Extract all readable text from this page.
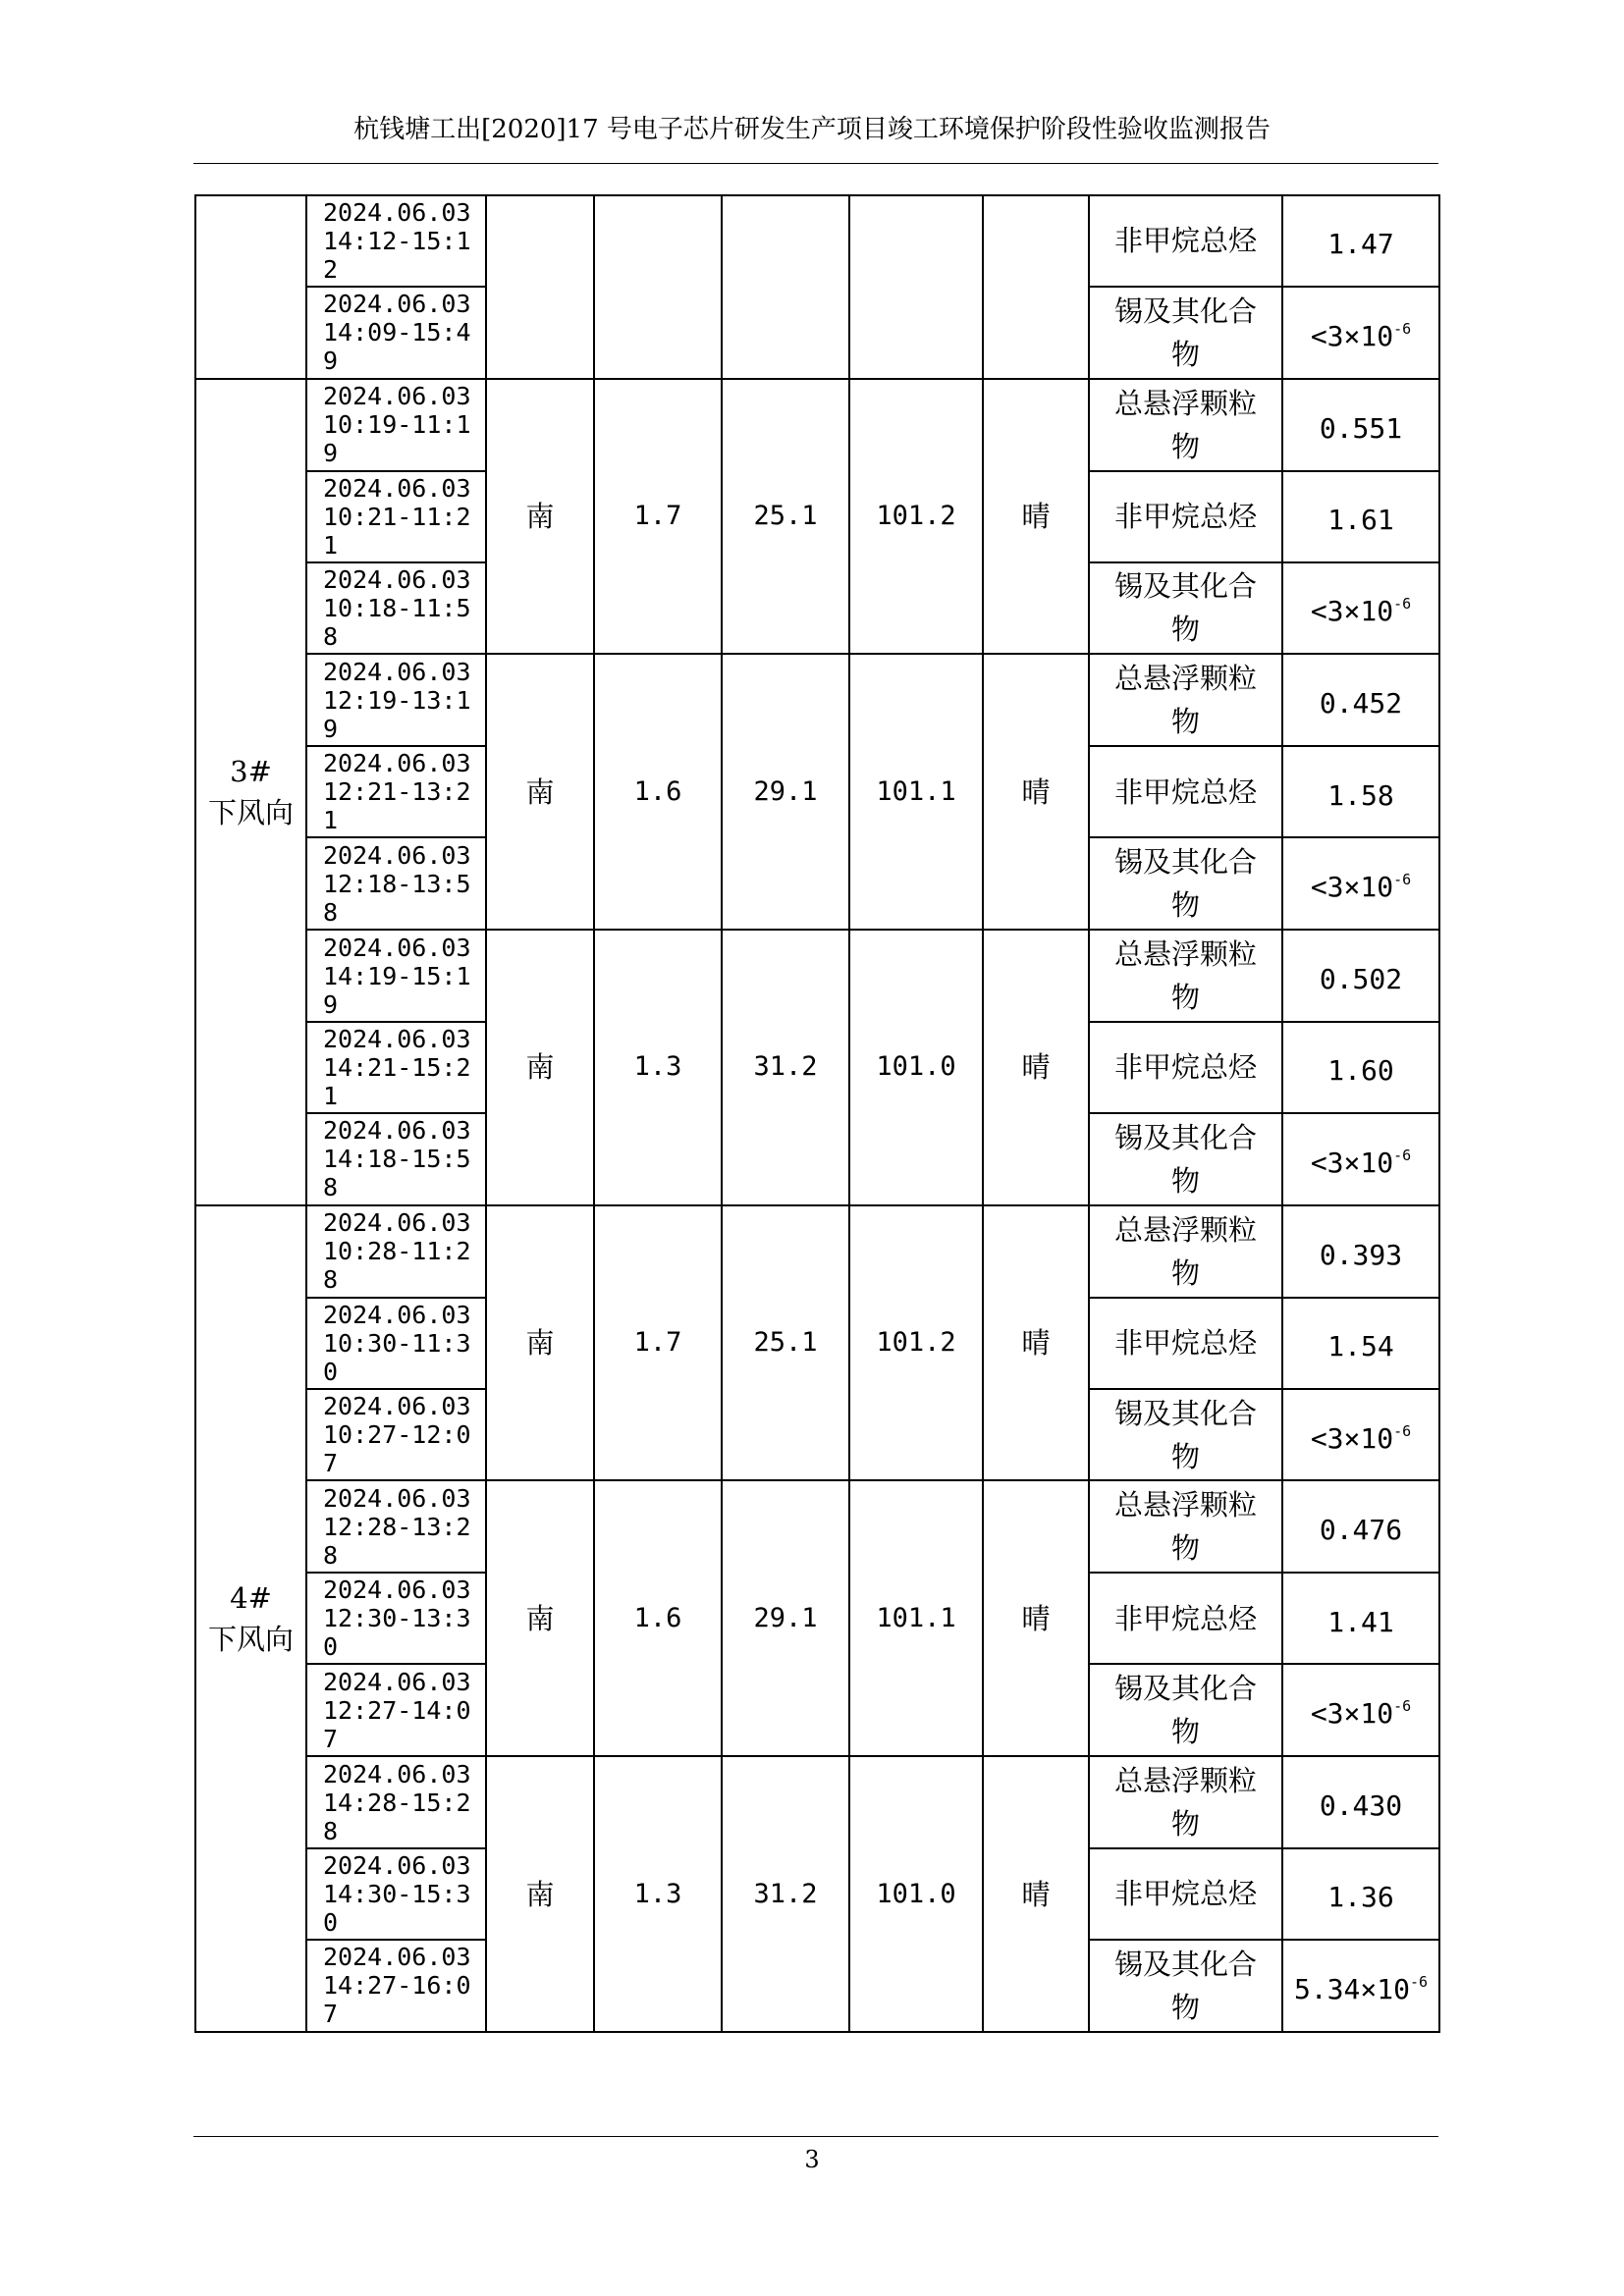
杭钱塘工出[2020]17 号电子芯片研发生产项目竣工环境保护阶段性验收监测报告

	2024.06.03 14:12-15:12						非甲烷总烃	1.47

	2024.06.03 14:09-15:49						锡及其化合物	$<3\times 10^{-6}$

3#
下风向	2024.06.03 10:19-11:19	南	1.7	25.1	101.2	晴	总悬浮颗粒物	0.551

	2024.06.03 10:21-11:21						非甲烷总烃	1.61

	2024.06.03 10:18-11:58						锡及其化合物	$<3\times 10^{-6}$

	2024.06.03 12:19-13:19	南	1.6	29.1	101.1	晴	总悬浮颗粒物	0.452

	2024.06.03 12:21-13:21						非甲烷总烃	1.58

	2024.06.03 12:18-13:58						锡及其化合物	$<3\times 10^{-6}$

	2024.06.03 14:19-15:19	南	1.3	31.2	101.0	晴	总悬浮颗粒物	0.502

	2024.06.03 14:21-15:21						非甲烷总烃	1.60

	2024.06.03 14:18-15:58						锡及其化合物	$<3\times 10^{-6}$

4#
下风向	2024.06.03 10:28-11:28	南	1.7	25.1	101.2	晴	总悬浮颗粒物	0.393

	2024.06.03 10:30-11:30						非甲烷总烃	1.54

	2024.06.03 10:27-12:07						锡及其化合物	$<3\times 10^{-6}$

	2024.06.03 12:28-13:28	南	1.6	29.1	101.1	晴	总悬浮颗粒物	0.476

	2024.06.03 12:30-13:30						非甲烷总烃	1.41

	2024.06.03 12:27-14:07						锡及其化合物	$<3\times 10^{-6}$

	2024.06.03 14:28-15:28	南	1.3	31.2	101.0	晴	总悬浮颗粒物	0.430

	2024.06.03 14:30-15:30						非甲烷总烃	1.36

	2024.06.03 14:27-16:07						锡及其化合物	$5.34\times 10^{-6}$
3
